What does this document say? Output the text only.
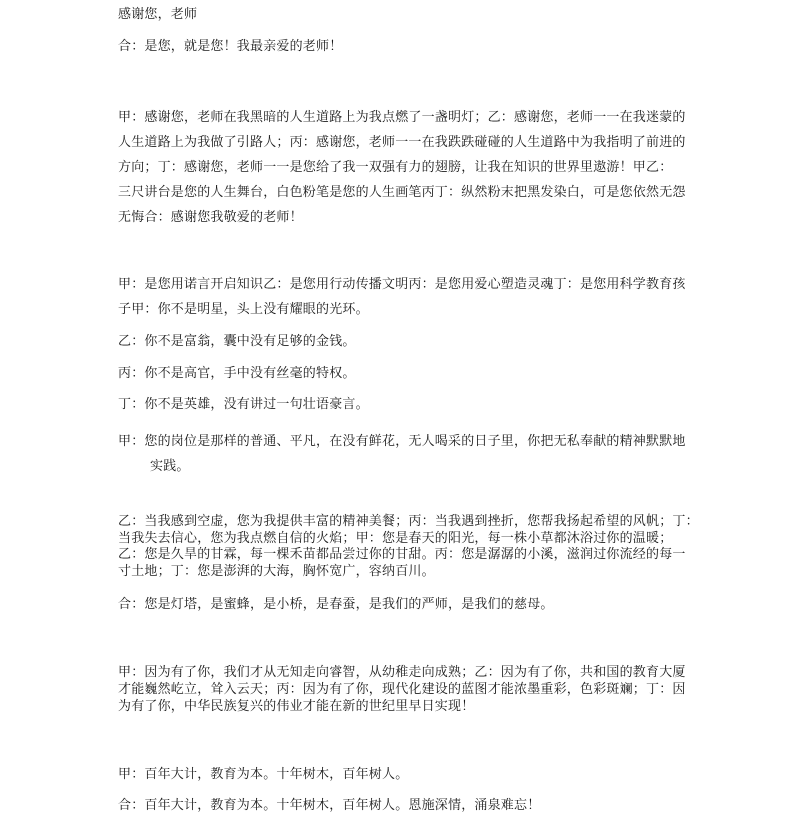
感谢您，老师
合：是您，就是您！我最亲爱的老师！
甲：感谢您，老师在我黑暗的人生道路上为我点燃了一盏明灯；乙：感谢您，老师一一在我迷蒙的
人生道路上为我做了引路人；丙：感谢您，老师一一在我跌跌碰碰的人生道路中为我指明了前进的
方向；丁：感谢您，老师一一是您给了我一双强有力的翅膀，让我在知识的世界里遨游！甲乙：
三尺讲台是您的人生舞台，白色粉笔是您的人生画笔丙丁：纵然粉末把黑发染白，可是您依然无怨
无悔合：感谢您我敬爱的老师！
甲：是您用诺言开启知识乙：是您用行动传播文明丙：是您用爱心塑造灵魂丁：是您用科学教育孩
子甲：你不是明星，头上没有耀眼的光环。
乙：你不是富翁，囊中没有足够的金钱。
丙：你不是高官，手中没有丝毫的特权。
丁：你不是英雄，没有讲过一句壮语豪言。
甲：您的岗位是那样的普通、平凡，在没有鲜花，无人喝采的日子里，你把无私奉献的精神默默地
实践。
乙：当我感到空虚，您为我提供丰富的精神美餐；丙：当我遇到挫折，您帮我扬起希望的风帆；丁：
当我失去信心，您为我点燃自信的火焰；甲：您是春天的阳光，每一株小草都沐浴过你的温暖；
乙：您是久旱的甘霖，每一棵禾苗都品尝过你的甘甜。丙：您是潺潺的小溪，滋润过你流经的每一
寸土地；丁：您是澎湃的大海，胸怀宽广，容纳百川。
合：您是灯塔，是蜜蜂，是小桥，是春蚕，是我们的严师，是我们的慈母。
甲：因为有了你，我们才从无知走向睿智，从幼稚走向成熟；乙：因为有了你，共和国的教育大厦
才能巍然屹立，耸入云天；丙：因为有了你，现代化建设的蓝图才能浓墨重彩，色彩斑斓；丁：因
为有了你，中华民族复兴的伟业才能在新的世纪里早日实现！
甲：百年大计，教育为本。十年树木，百年树人。
合：百年大计，教育为本。十年树木，百年树人。恩施深情，涌泉难忘！
